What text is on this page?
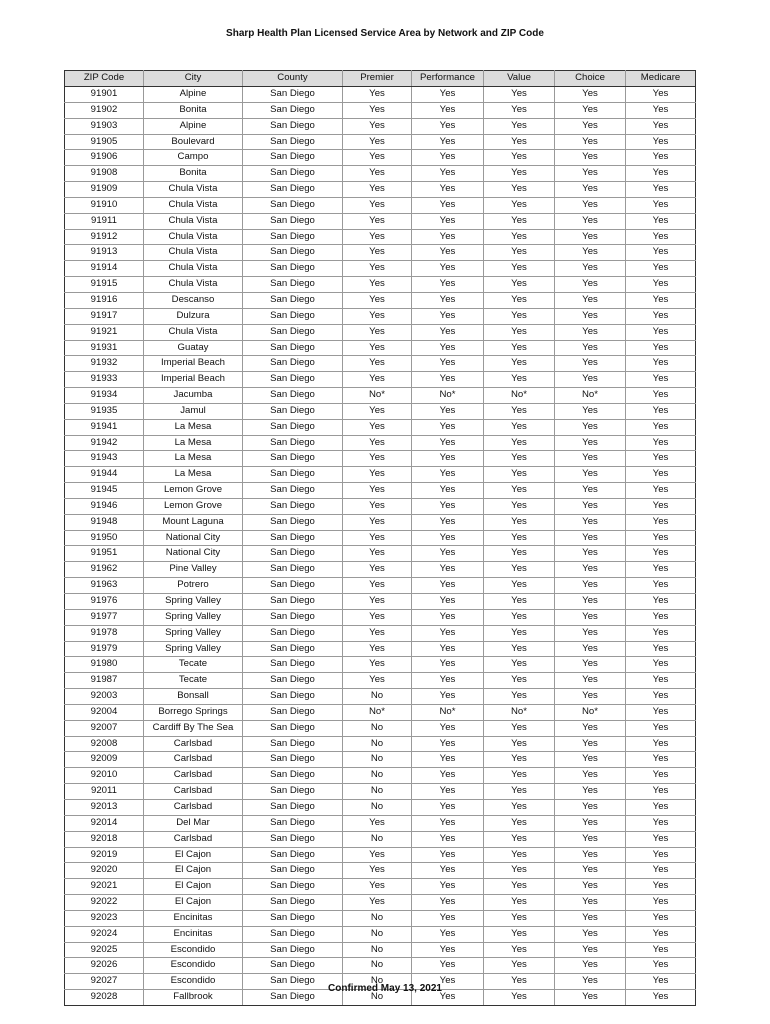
Sharp Health Plan Licensed Service Area by Network and ZIP Code
ZIP Code	City	County	Premier	Performance	Value	Choice	Medicare
91901	Alpine	San Diego	Yes	Yes	Yes	Yes	Yes
91902	Bonita	San Diego	Yes	Yes	Yes	Yes	Yes
91903	Alpine	San Diego	Yes	Yes	Yes	Yes	Yes
91905	Boulevard	San Diego	Yes	Yes	Yes	Yes	Yes
91906	Campo	San Diego	Yes	Yes	Yes	Yes	Yes
91908	Bonita	San Diego	Yes	Yes	Yes	Yes	Yes
91909	Chula Vista	San Diego	Yes	Yes	Yes	Yes	Yes
91910	Chula Vista	San Diego	Yes	Yes	Yes	Yes	Yes
91911	Chula Vista	San Diego	Yes	Yes	Yes	Yes	Yes
91912	Chula Vista	San Diego	Yes	Yes	Yes	Yes	Yes
91913	Chula Vista	San Diego	Yes	Yes	Yes	Yes	Yes
91914	Chula Vista	San Diego	Yes	Yes	Yes	Yes	Yes
91915	Chula Vista	San Diego	Yes	Yes	Yes	Yes	Yes
91916	Descanso	San Diego	Yes	Yes	Yes	Yes	Yes
91917	Dulzura	San Diego	Yes	Yes	Yes	Yes	Yes
91921	Chula Vista	San Diego	Yes	Yes	Yes	Yes	Yes
91931	Guatay	San Diego	Yes	Yes	Yes	Yes	Yes
91932	Imperial Beach	San Diego	Yes	Yes	Yes	Yes	Yes
91933	Imperial Beach	San Diego	Yes	Yes	Yes	Yes	Yes
91934	Jacumba	San Diego	No*	No*	No*	No*	Yes
91935	Jamul	San Diego	Yes	Yes	Yes	Yes	Yes
91941	La Mesa	San Diego	Yes	Yes	Yes	Yes	Yes
91942	La Mesa	San Diego	Yes	Yes	Yes	Yes	Yes
91943	La Mesa	San Diego	Yes	Yes	Yes	Yes	Yes
91944	La Mesa	San Diego	Yes	Yes	Yes	Yes	Yes
91945	Lemon Grove	San Diego	Yes	Yes	Yes	Yes	Yes
91946	Lemon Grove	San Diego	Yes	Yes	Yes	Yes	Yes
91948	Mount Laguna	San Diego	Yes	Yes	Yes	Yes	Yes
91950	National City	San Diego	Yes	Yes	Yes	Yes	Yes
91951	National City	San Diego	Yes	Yes	Yes	Yes	Yes
91962	Pine Valley	San Diego	Yes	Yes	Yes	Yes	Yes
91963	Potrero	San Diego	Yes	Yes	Yes	Yes	Yes
91976	Spring Valley	San Diego	Yes	Yes	Yes	Yes	Yes
91977	Spring Valley	San Diego	Yes	Yes	Yes	Yes	Yes
91978	Spring Valley	San Diego	Yes	Yes	Yes	Yes	Yes
91979	Spring Valley	San Diego	Yes	Yes	Yes	Yes	Yes
91980	Tecate	San Diego	Yes	Yes	Yes	Yes	Yes
91987	Tecate	San Diego	Yes	Yes	Yes	Yes	Yes
92003	Bonsall	San Diego	No	Yes	Yes	Yes	Yes
92004	Borrego Springs	San Diego	No*	No*	No*	No*	Yes
92007	Cardiff By The Sea	San Diego	No	Yes	Yes	Yes	Yes
92008	Carlsbad	San Diego	No	Yes	Yes	Yes	Yes
92009	Carlsbad	San Diego	No	Yes	Yes	Yes	Yes
92010	Carlsbad	San Diego	No	Yes	Yes	Yes	Yes
92011	Carlsbad	San Diego	No	Yes	Yes	Yes	Yes
92013	Carlsbad	San Diego	No	Yes	Yes	Yes	Yes
92014	Del Mar	San Diego	Yes	Yes	Yes	Yes	Yes
92018	Carlsbad	San Diego	No	Yes	Yes	Yes	Yes
92019	El Cajon	San Diego	Yes	Yes	Yes	Yes	Yes
92020	El Cajon	San Diego	Yes	Yes	Yes	Yes	Yes
92021	El Cajon	San Diego	Yes	Yes	Yes	Yes	Yes
92022	El Cajon	San Diego	Yes	Yes	Yes	Yes	Yes
92023	Encinitas	San Diego	No	Yes	Yes	Yes	Yes
92024	Encinitas	San Diego	No	Yes	Yes	Yes	Yes
92025	Escondido	San Diego	No	Yes	Yes	Yes	Yes
92026	Escondido	San Diego	No	Yes	Yes	Yes	Yes
92027	Escondido	San Diego	No	Yes	Yes	Yes	Yes
92028	Fallbrook	San Diego	No	Yes	Yes	Yes	Yes
Confirmed May 13, 2021
